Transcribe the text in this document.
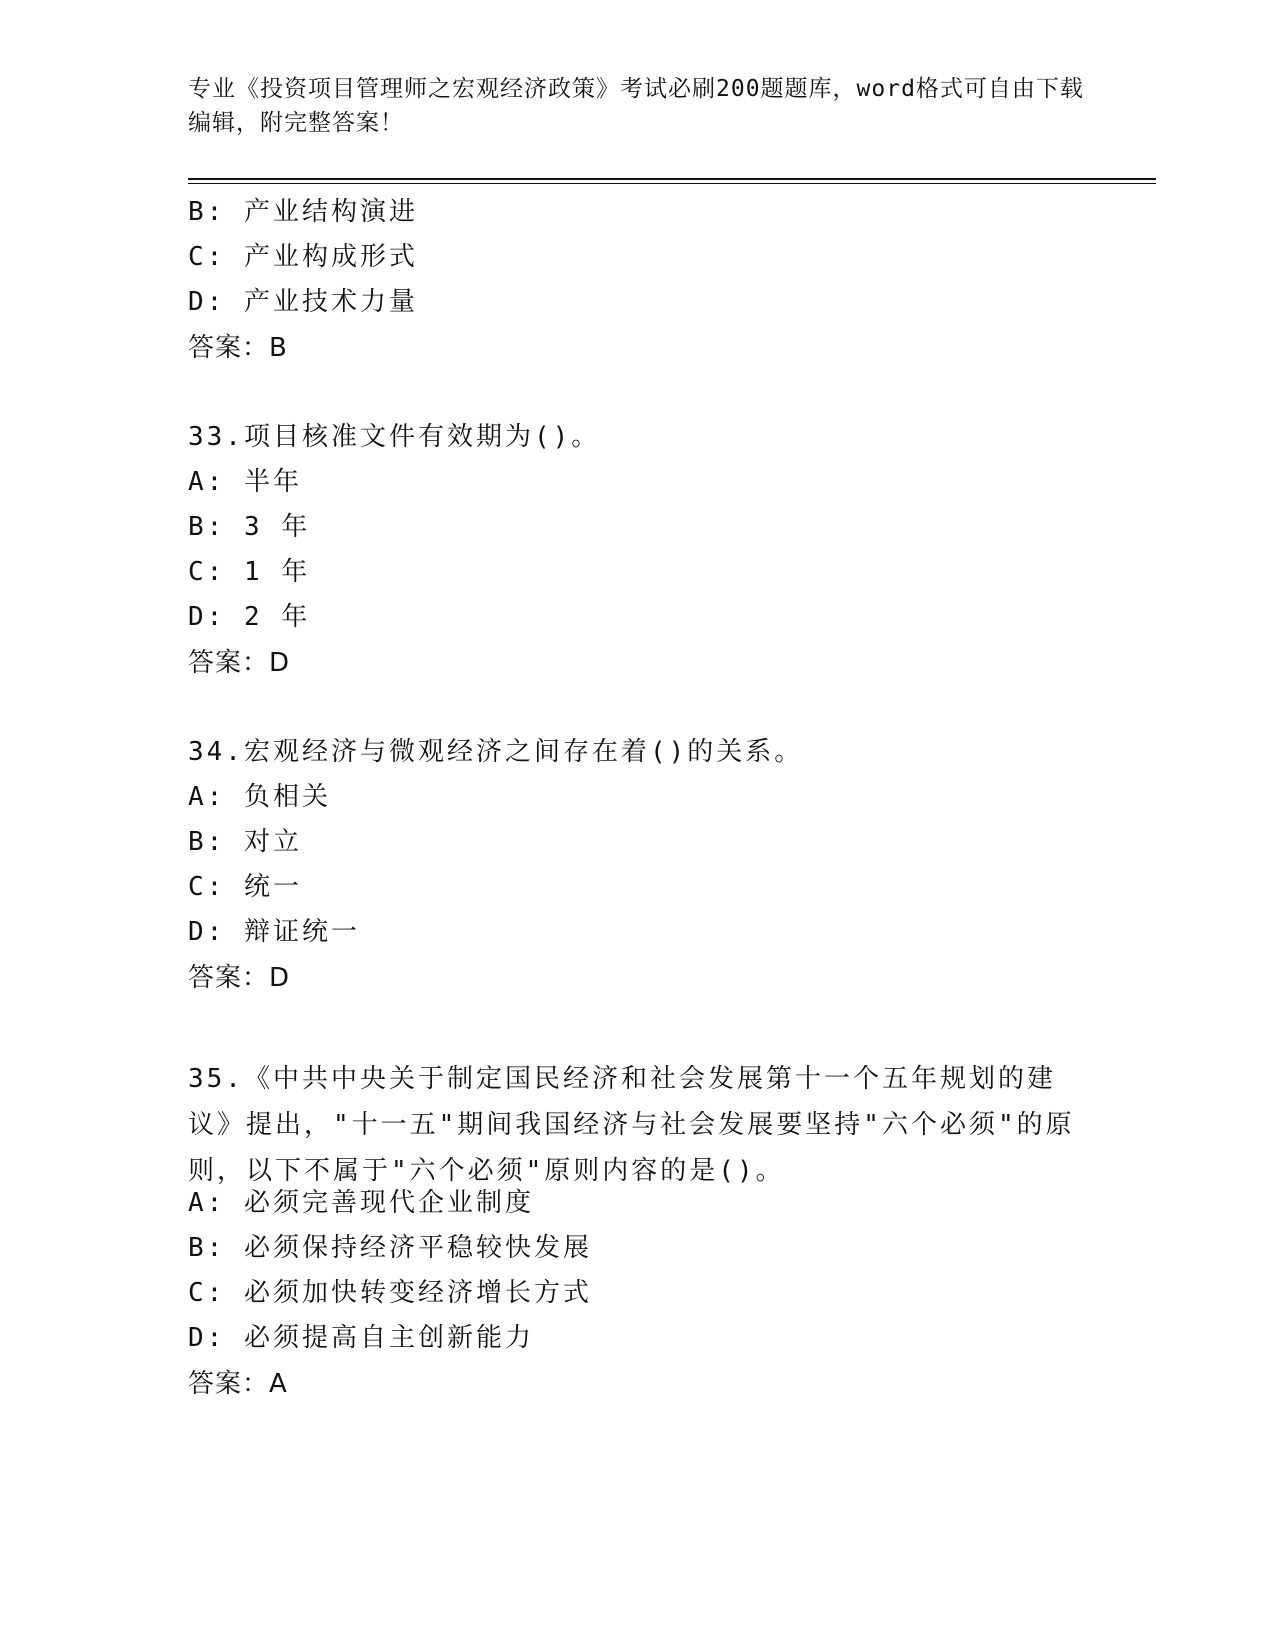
专业《投资项目管理师之宏观经济政策》考试必刷200题题库，word格式可自由下载编辑，附完整答案！
B: 产业结构演进
C: 产业构成形式
D: 产业技术力量
答案：B
33.项目核准文件有效期为()。
A: 半年
B: 3 年
C: 1 年
D: 2 年
答案：D
34.宏观经济与微观经济之间存在着()的关系。
A: 负相关
B: 对立
C: 统一
D: 辩证统一
答案：D
35.《中共中央关于制定国民经济和社会发展第十一个五年规划的建议》提出，"十一五"期间我国经济与社会发展要坚持"六个必须"的原则，以下不属于"六个必须"原则内容的是()。
A: 必须完善现代企业制度
B: 必须保持经济平稳较快发展
C: 必须加快转变经济增长方式
D: 必须提高自主创新能力
答案：A
